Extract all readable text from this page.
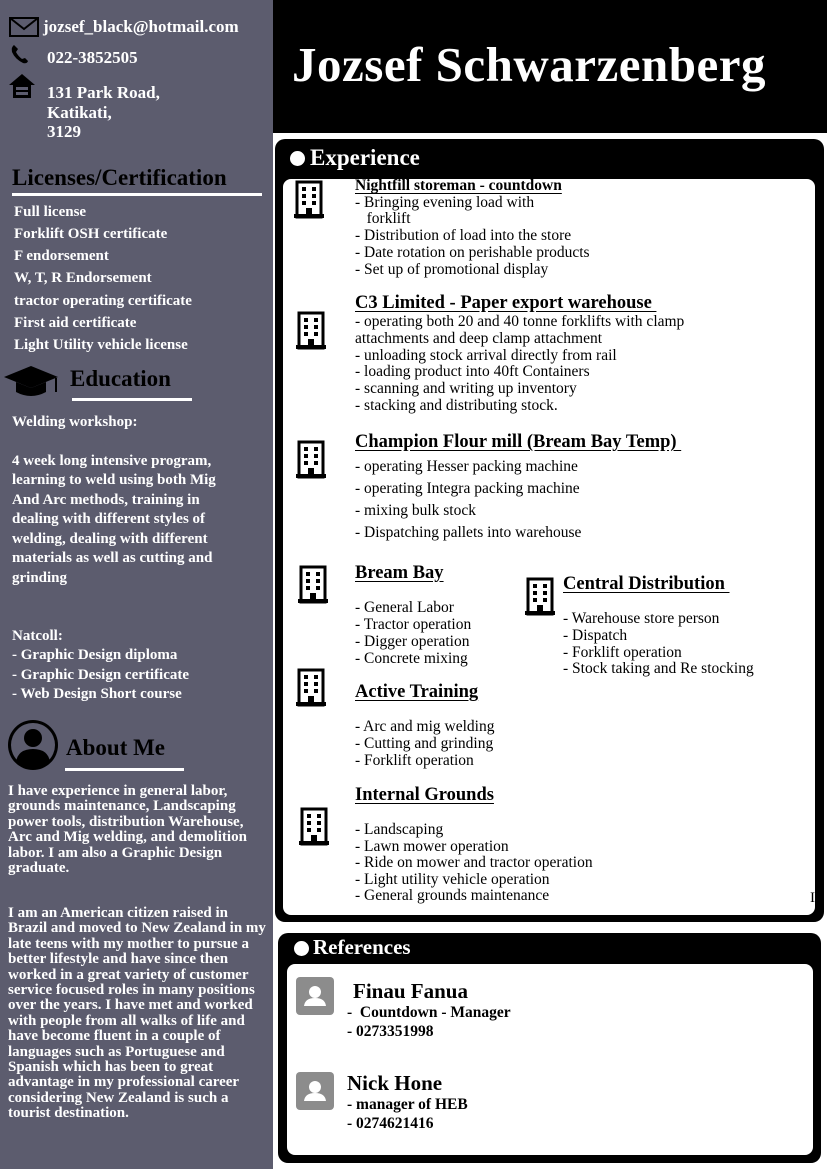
jozsef_black@hotmail.com
022-3852505
131 Park Road,
Katikati,
3129
Licenses/Certification
Full license
Forklift OSH certificate
F endorsement
W, T, R Endorsement
tractor operating certificate
First aid certificate
Light Utility vehicle license
Education
Welding workshop:
4 week long intensive program,
learning to weld using both Mig
And Arc methods, training in
dealing with different styles of
welding, dealing with different
materials as well as cutting and
grinding
Natcoll:
- Graphic Design diploma
- Graphic Design certificate
- Web Design Short course
About Me
I have experience in general labor, grounds maintenance, Landscaping power tools, distribution Warehouse, Arc and Mig welding, and demolition labor. I am also a Graphic Design graduate.
I am an American citizen raised in Brazil and moved to New Zealand in my late teens with my mother to pursue a better lifestyle and have since then worked in a great variety of customer service focused roles in many positions over the years. I have met and worked with people from all walks of life and have become fluent in a couple of languages such as Portuguese and Spanish which has been to great advantage in my professional career considering New Zealand is such a tourist destination.
Jozsef Schwarzenberg
Experience
Nightfill storeman - countdown
- Bringing evening load with
forklift
- Distribution of load into the store
- Date rotation on perishable products
- Set up of promotional display
C3 Limited - Paper export warehouse
- operating both 20 and 40 tonne forklifts with clamp
attachments and deep clamp attachment
- unloading stock arrival directly from rail
- loading product into 40ft Containers
- scanning and writing up inventory
- stacking and distributing stock.
Champion Flour mill (Bream Bay Temp)
- operating Hesser packing machine
- operating Integra packing machine
- mixing bulk stock
- Dispatching pallets into warehouse
Bream Bay
- General Labor
- Tractor operation
- Digger operation
- Concrete mixing
Central Distribution
- Warehouse store person
- Dispatch
- Forklift operation
- Stock taking and Re stocking
Active Training
- Arc and mig welding
- Cutting and grinding
- Forklift operation
Internal Grounds
- Landscaping
- Lawn mower operation
- Ride on mower and tractor operation
- Light utility vehicle operation
- General grounds maintenance	I
References
Finau Fanua
-  Countdown - Manager
- 0273351998
Nick Hone
- manager of HEB
- 0274621416
